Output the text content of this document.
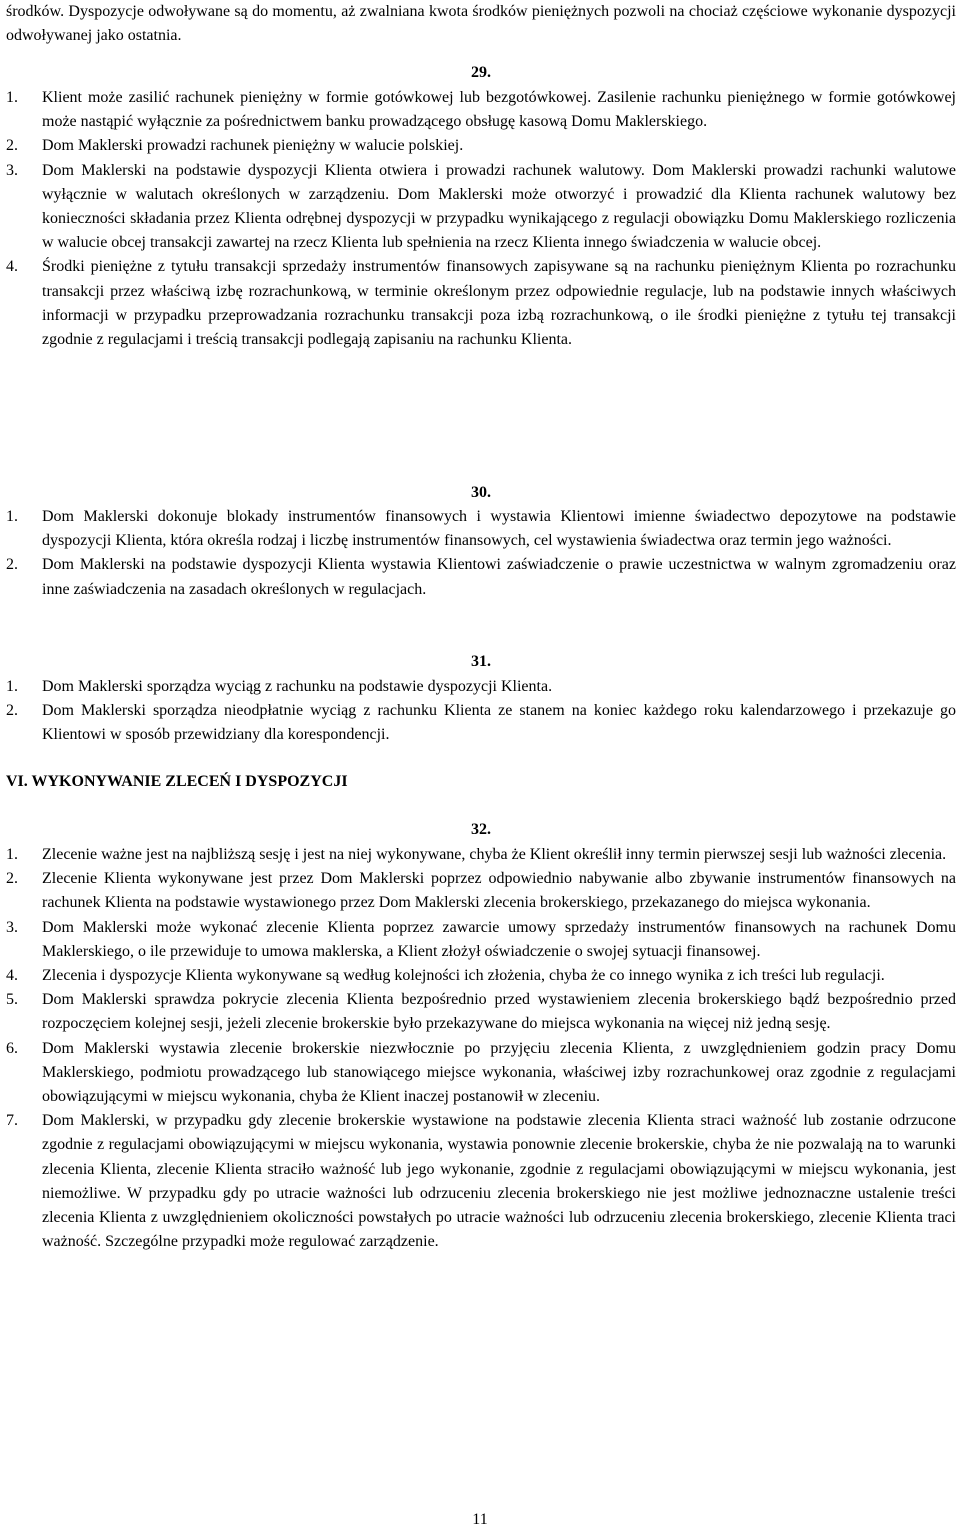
środków. Dyspozycje odwoływane są do momentu, aż zwalniana kwota środków pieniężnych pozwoli na chociaż częściowe wykonanie dyspozycji odwoływanej jako ostatnia.

29.

1. Klient może zasilić rachunek pieniężny w formie gotówkowej lub bezgotówkowej. Zasilenie rachunku pieniężnego w formie gotówkowej może nastąpić wyłącznie za pośrednictwem banku prowadzącego obsługę kasową Domu Maklerskiego.
2. Dom Maklerski prowadzi rachunek pieniężny w walucie polskiej.
3. Dom Maklerski na podstawie dyspozycji Klienta otwiera i prowadzi rachunek walutowy. Dom Maklerski prowadzi rachunki walutowe wyłącznie w walutach określonych w zarządzeniu. Dom Maklerski może otworzyć i prowadzić dla Klienta rachunek walutowy bez konieczności składania przez Klienta odrębnej dyspozycji w przypadku wynikającego z regulacji obowiązku Domu Maklerskiego rozliczenia w walucie obcej transakcji zawartej na rzecz Klienta lub spełnienia na rzecz Klienta innego świadczenia w walucie obcej.
4. Środki pieniężne z tytułu transakcji sprzedaży instrumentów finansowych zapisywane są na rachunku pieniężnym Klienta po rozrachunku transakcji przez właściwą izbę rozrachunkową, w terminie określonym przez odpowiednie regulacje, lub na podstawie innych właściwych informacji w przypadku przeprowadzania rozrachunku transakcji poza izbą rozrachunkową, o ile środki pieniężne z tytułu tej transakcji zgodnie z regulacjami i treścią transakcji podlegają zapisaniu na rachunku Klienta.

30.

1. Dom Maklerski dokonuje blokady instrumentów finansowych i wystawia Klientowi imienne świadectwo depozytowe na podstawie dyspozycji Klienta, która określa rodzaj i liczbę instrumentów finansowych, cel wystawienia świadectwa oraz termin jego ważności.
2. Dom Maklerski na podstawie dyspozycji Klienta wystawia Klientowi zaświadczenie o prawie uczestnictwa w walnym zgromadzeniu oraz inne zaświadczenia na zasadach określonych w regulacjach.

31.

1. Dom Maklerski sporządza wyciąg z rachunku na podstawie dyspozycji Klienta.
2. Dom Maklerski sporządza nieodpłatnie wyciąg z rachunku Klienta ze stanem na koniec każdego roku kalendarzowego i przekazuje go Klientowi w sposób przewidziany dla korespondencji.

VI. WYKONYWANIE ZLECEŃ I DYSPOZYCJI

32.

1. Zlecenie ważne jest na najbliższą sesję i jest na niej wykonywane, chyba że Klient określił inny termin pierwszej sesji lub ważności zlecenia.
2. Zlecenie Klienta wykonywane jest przez Dom Maklerski poprzez odpowiednio nabywanie albo zbywanie instrumentów finansowych na rachunek Klienta na podstawie wystawionego przez Dom Maklerski zlecenia brokerskiego, przekazanego do miejsca wykonania.
3. Dom Maklerski może wykonać zlecenie Klienta poprzez zawarcie umowy sprzedaży instrumentów finansowych na rachunek Domu Maklerskiego, o ile przewiduje to umowa maklerska, a Klient złożył oświadczenie o swojej sytuacji finansowej.
4. Zlecenia i dyspozycje Klienta wykonywane są według kolejności ich złożenia, chyba że co innego wynika z ich treści lub regulacji.
5. Dom Maklerski sprawdza pokrycie zlecenia Klienta bezpośrednio przed wystawieniem zlecenia brokerskiego bądź bezpośrednio przed rozpoczęciem kolejnej sesji, jeżeli zlecenie brokerskie było przekazywane do miejsca wykonania na więcej niż jedną sesję.
6. Dom Maklerski wystawia zlecenie brokerskie niezwłocznie po przyjęciu zlecenia Klienta, z uwzględnieniem godzin pracy Domu Maklerskiego, podmiotu prowadzącego lub stanowiącego miejsce wykonania, właściwej izby rozrachunkowej oraz zgodnie z regulacjami obowiązującymi w miejscu wykonania, chyba że Klient inaczej postanowił w zleceniu.
7. Dom Maklerski, w przypadku gdy zlecenie brokerskie wystawione na podstawie zlecenia Klienta straci ważność lub zostanie odrzucone zgodnie z regulacjami obowiązującymi w miejscu wykonania, wystawia ponownie zlecenie brokerskie, chyba że nie pozwalają na to warunki zlecenia Klienta, zlecenie Klienta straciło ważność lub jego wykonanie, zgodnie z regulacjami obowiązującymi w miejscu wykonania, jest niemożliwe. W przypadku gdy po utracie ważności lub odrzuceniu zlecenia brokerskiego nie jest możliwe jednoznaczne ustalenie treści zlecenia Klienta z uwzględnieniem okoliczności powstałych po utracie ważności lub odrzuceniu zlecenia brokerskiego, zlecenie Klienta traci ważność. Szczególne przypadki może regulować zarządzenie.
11
